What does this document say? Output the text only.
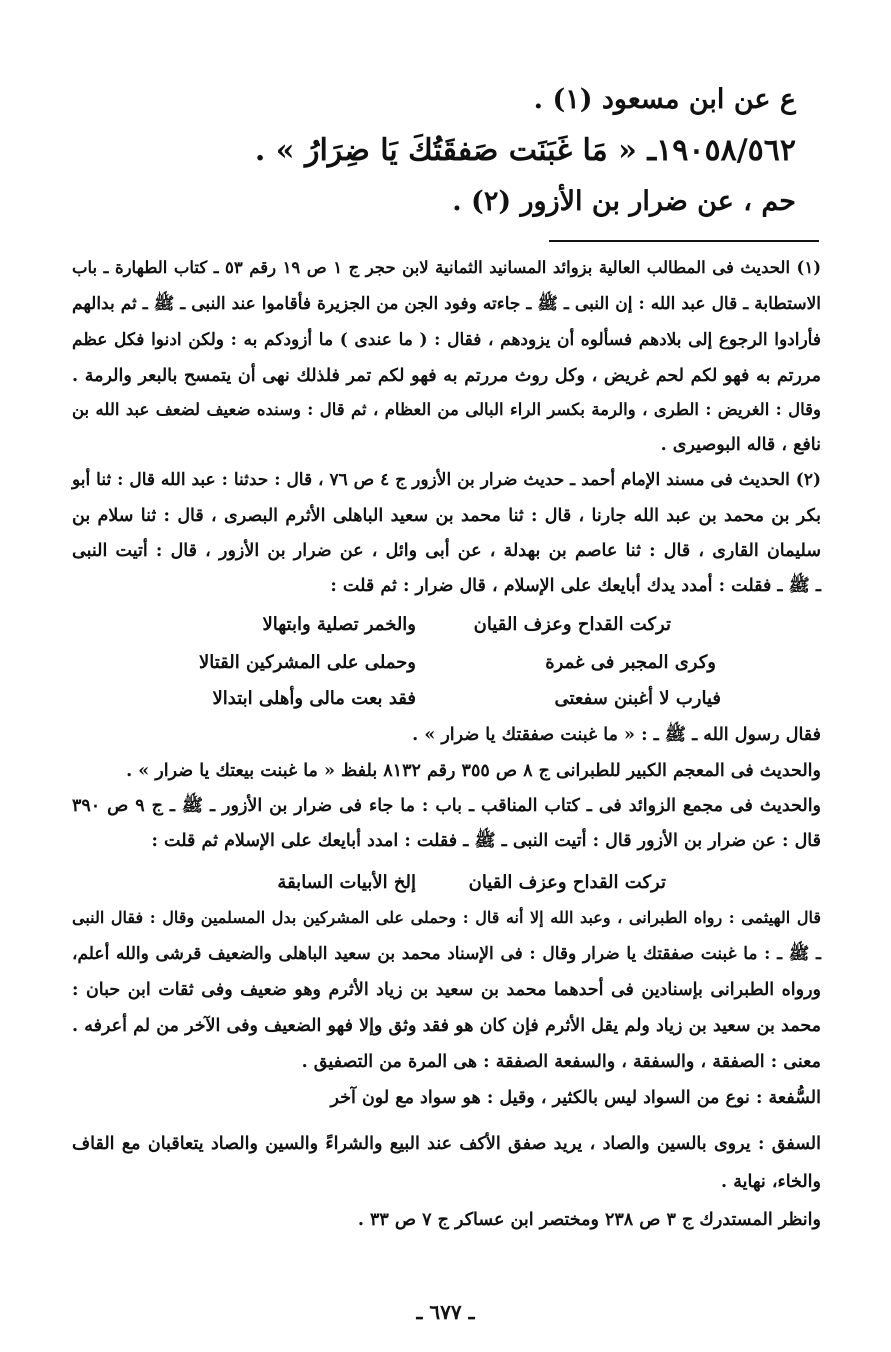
ع عن ابن مسعود (١) .
١٩٠٥٨/٥٦٢ـ « مَا غَبَنَت صَفقَتُكَ يَا ضِرَارُ » .
حم ، عن ضرار بن الأزور (٢) .
(١) الحديث فى المطالب العالية بزوائد المسانيد الثمانية لابن حجر ج ١ ص ١٩ رقم ٥٣ ـ كتاب الطهارة ـ باب
الاستطابة ـ قال عبد الله : إن النبى ـ ﷺ ـ جاءته وفود الجن من الجزيرة فأقاموا عند النبى ـ ﷺ ـ ثم بدالهم
فأرادوا الرجوع إلى بلادهم فسألوه أن يزودهم ، فقال : ( ما عندى ) ما أزودكم به : ولكن ادنوا فكل عظم
مررتم به فهو لكم لحم غريض ، وكل روث مررتم به فهو لكم تمر فلذلك نهى أن يتمسح بالبعر والرمة .
وقال : الغريض : الطرى ، والرمة بكسر الراء البالى من العظام ، ثم قال : وسنده ضعيف لضعف عبد الله بن
نافع ، قاله البوصيرى .
(٢) الحديث فى مسند الإمام أحمد ـ حديث ضرار بن الأزور ج ٤ ص ٧٦ ، قال : حدثنا : عبد الله قال : ثنا أبو
بكر بن محمد بن عبد الله جارنا ، قال : ثنا محمد بن سعيد الباهلى الأثرم البصرى ، قال : ثنا سلام بن
سليمان القارى ، قال : ثنا عاصم بن بهدلة ، عن أبى وائل ، عن ضرار بن الأزور ، قال : أتيت النبى
ـ ﷺ ـ فقلت : أمدد يدك أبايعك على الإسلام ، قال ضرار : ثم قلت :
تركت القداح وعزف القيان
والخمر تصلية وابتهالا
وكرى المجبر فى غمرة
وحملى على المشركين القتالا
فيارب لا أغبنن سفعتى
فقد بعت مالى وأهلى ابتدالا
فقال رسول الله ـ ﷺ ـ : « ما غبنت صفقتك يا ضرار » .
والحديث فى المعجم الكبير للطبرانى ج ٨ ص ٣٥٥ رقم ٨١٣٢ بلفظ « ما غبنت بيعتك يا ضرار » .
والحديث فى مجمع الزوائد فى ـ كتاب المناقب ـ باب : ما جاء فى ضرار بن الأزور ـ ﷺ ـ ج ٩ ص ٣٩٠
قال : عن ضرار بن الأزور قال : أتيت النبى ـ ﷺ ـ فقلت : امدد أبايعك على الإسلام ثم قلت :
تركت القداح وعزف القيان
إلخ الأبيات السابقة
قال الهيثمى : رواه الطبرانى ، وعبد الله إلا أنه قال : وحملى على المشركين بدل المسلمين وقال : فقال النبى
ـ ﷺ ـ : ما غبنت صفقتك يا ضرار وقال : فى الإسناد محمد بن سعيد الباهلى والضعيف قرشى والله أعلم،
ورواه الطبرانى بإسنادين فى أحدهما محمد بن سعيد بن زياد الأثرم وهو ضعيف وفى ثقات ابن حبان :
محمد بن سعيد بن زياد ولم يقل الأثرم فإن كان هو فقد وثق وإلا فهو الضعيف وفى الآخر من لم أعرفه .
معنى : الصفقة ، والسفقة ، والسفعة الصفقة : هى المرة من التصفيق .
السُّفعة : نوع من السواد ليس بالكثير ، وقيل : هو سواد مع لون آخر
السفق : يروى بالسين والصاد ، يريد صفق الأكف عند البيع والشراءً والسين والصاد يتعاقبان مع القاف
والخاء، نهاية .
وانظر المستدرك ج ٣ ص ٢٣٨ ومختصر ابن عساكر ج ٧ ص ٣٣ .
ـ ٦٧٧ ـ
